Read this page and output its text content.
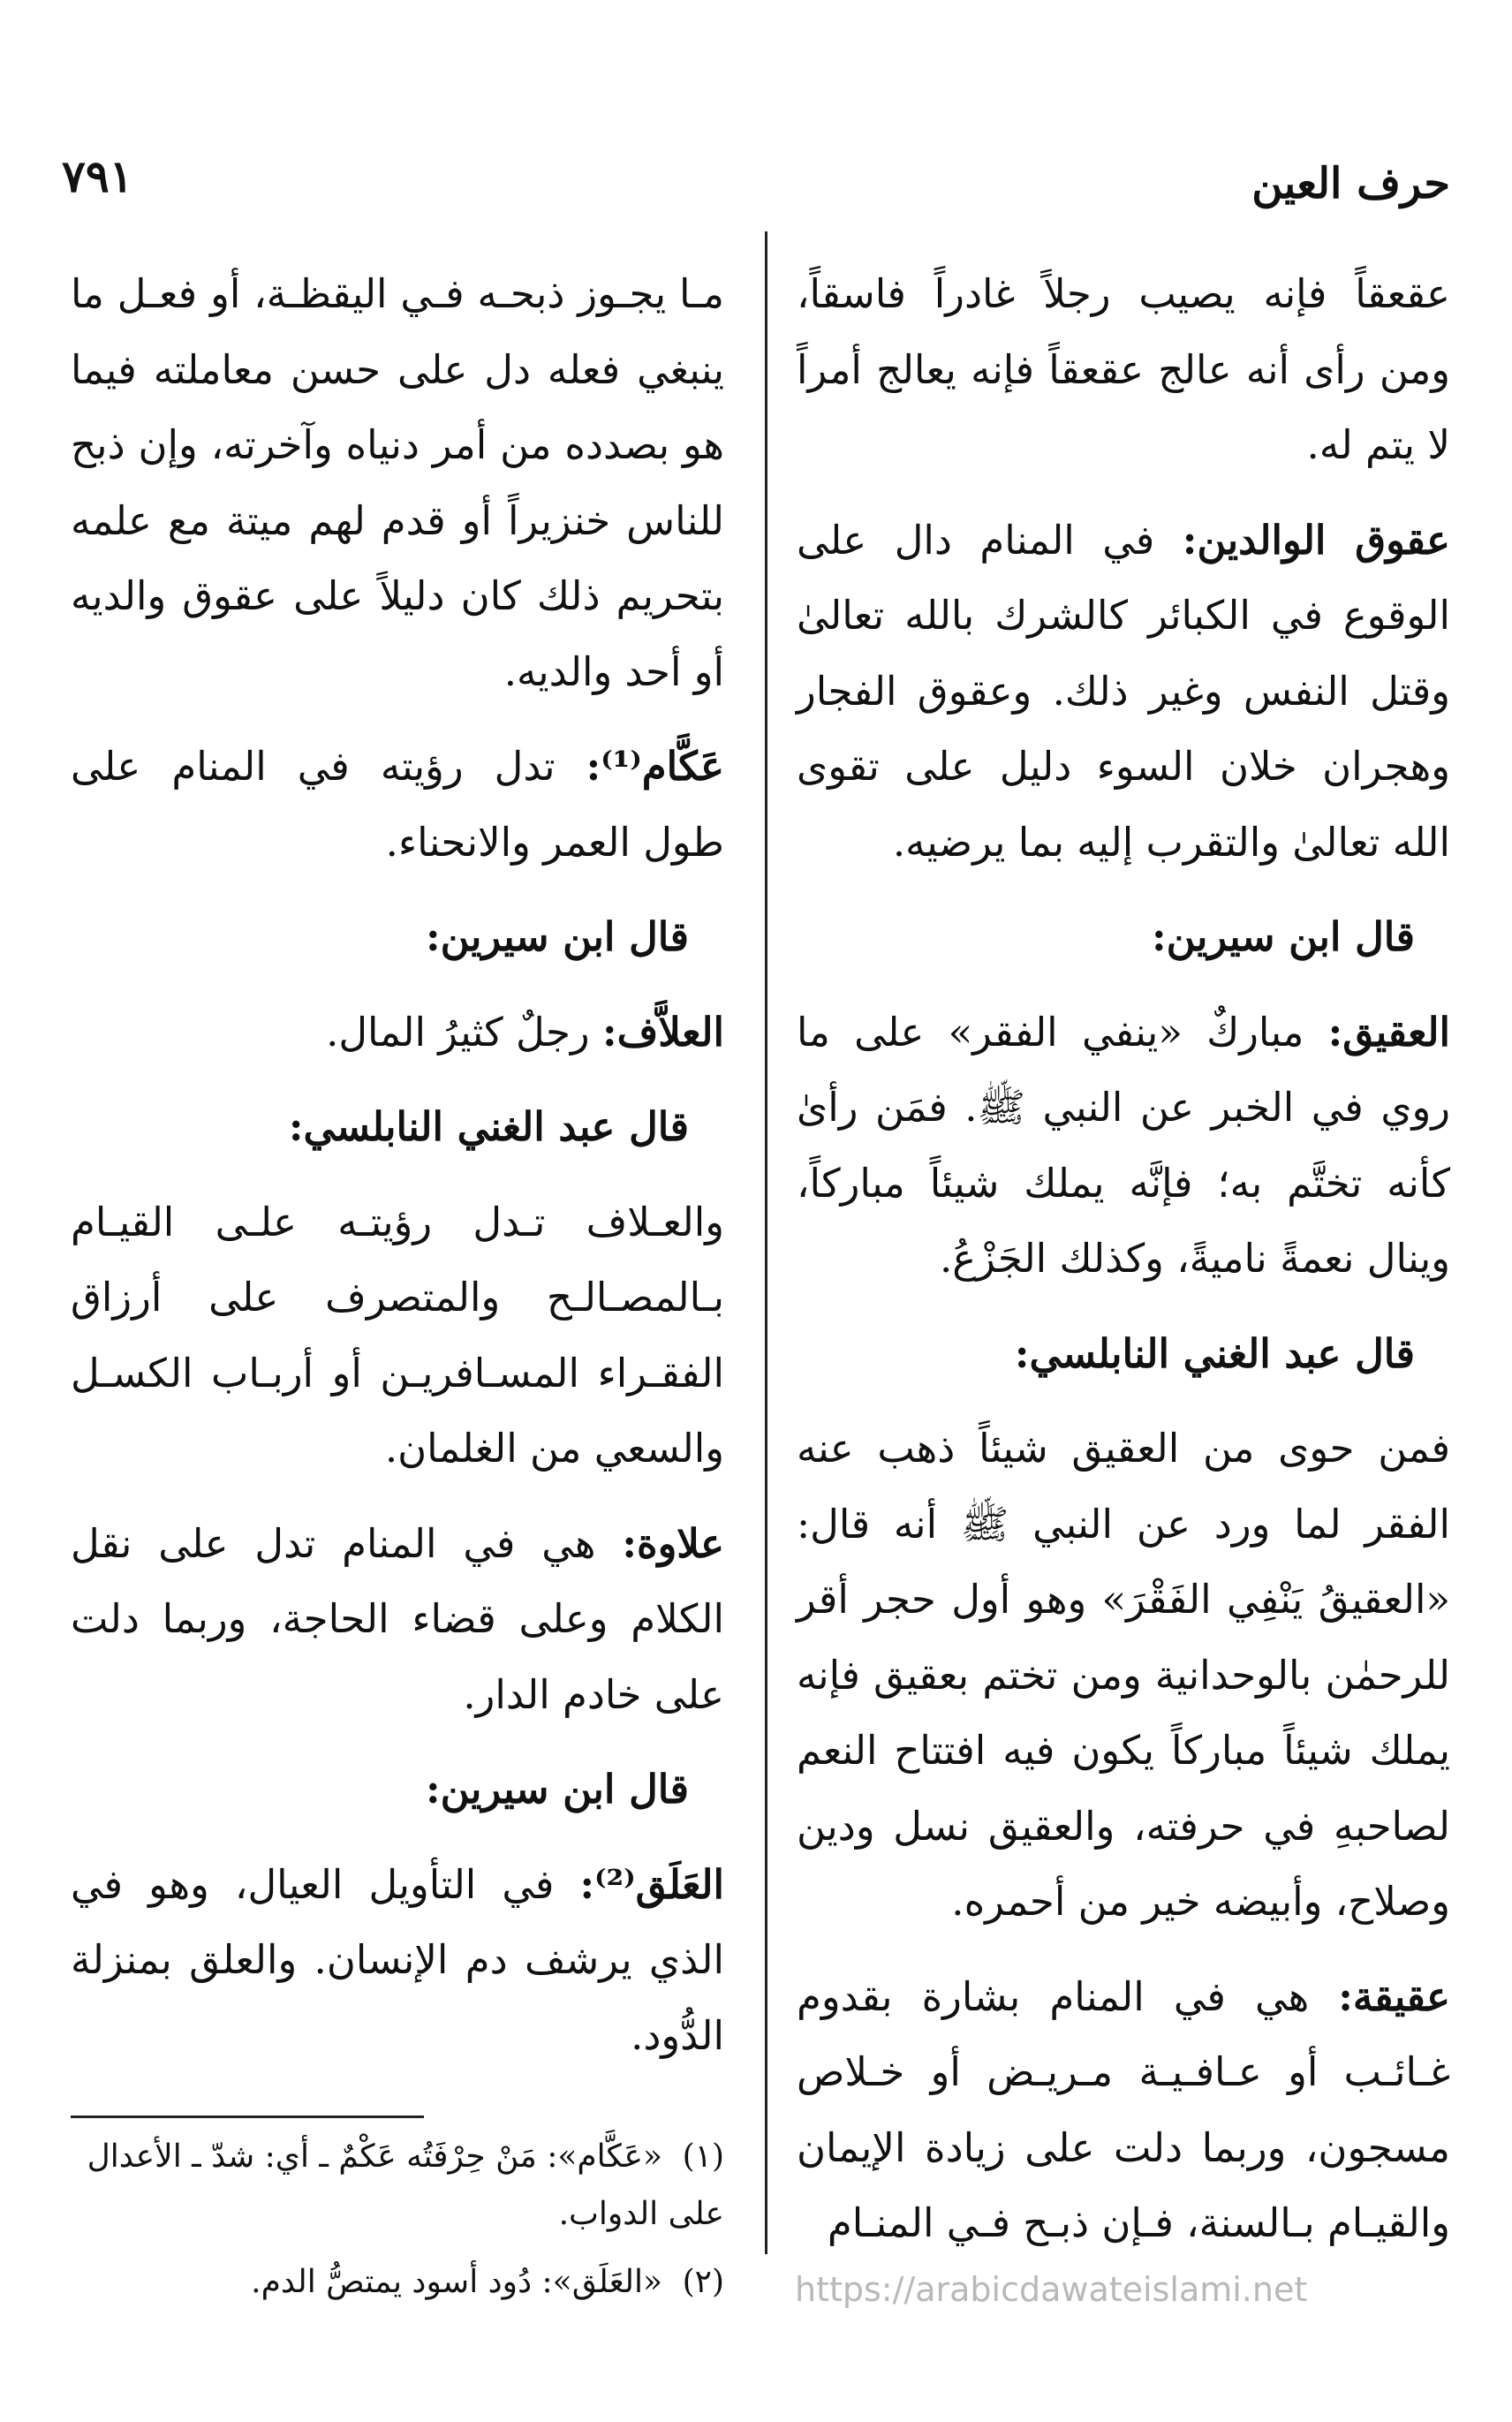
حرف العين
٧٩١

عقعقاً فإنه يصيب رجلاً غادراً فاسقاً، ومن رأى أنه عالج عقعقاً فإنه يعالج أمراً لا يتم له.

عقوق الوالدين: في المنام دال على الوقوع في الكبائر كالشرك بالله تعالىٰ وقتل النفس وغير ذلك. وعقوق الفجار وهجران خلان السوء دليل على تقوى الله تعالىٰ والتقرب إليه بما يرضيه.

قال ابن سيرين:

العقيق: مباركٌ «ينفي الفقر» على ما روي في الخبر عن النبي ﷺ. فمَن رأىٰ كأنه تختَّم به؛ فإنَّه يملك شيئاً مباركاً، وينال نعمةً ناميةً، وكذلك الجَزْعُ.

قال عبد الغني النابلسي:

فمن حوى من العقيق شيئاً ذهب عنه الفقر لما ورد عن النبي ﷺ أنه قال: «العقيقُ يَنْفِي الفَقْرَ» وهو أول حجر أقر للرحمٰن بالوحدانية ومن تختم بعقيق فإنه يملك شيئاً مباركاً يكون فيه افتتاح النعم لصاحبهِ في حرفته، والعقيق نسل ودين وصلاح، وأبيضه خير من أحمره.

عقيقة: هي في المنام بشارة بقدوم غـائـب أو عـافـيـة مـريـض أو خـلاص مسجون، وربما دلت على زيادة الإيمان والقيـام بـالسنة، فـإن ذبـح فـي المنـام

مـا يجـوز ذبحـه فـي اليقظـة، أو فعـل ما ينبغي فعله دل على حسن معاملته فيما هو بصدده من أمر دنياه وآخرته، وإن ذبح للناس خنزيراً أو قدم لهم ميتة مع علمه بتحريم ذلك كان دليلاً على عقوق والديه أو أحد والديه.

عَكَّام⁽¹⁾: تدل رؤيته في المنام على طول العمر والانحناء.

قال ابن سيرين:

العلاَّف: رجلٌ كثيرُ المال.

قال عبد الغني النابلسي:

والعـلاف تـدل رؤيتـه علـى القيـام بـالمصـالـح والمتصرف على أرزاق الفقـراء المسـافريـن أو أربـاب الكسـل والسعي من الغلمان.

علاوة: هي في المنام تدل على نقل الكلام وعلى قضاء الحاجة، وربما دلت على خادم الدار.

قال ابن سيرين:

العَلَق⁽²⁾: في التأويل العيال، وهو في الذي يرشف دم الإنسان. والعلق بمنزلة الدُّود.

(١)«عَكَّام»: مَنْ حِرْفَتُه عَكْمٌ ـ أي: شدّ ـ الأعدال على الدواب.

(٢)«العَلَق»: دُود أسود يمتصُّ الدم.	https://arabicdawateislami.net
